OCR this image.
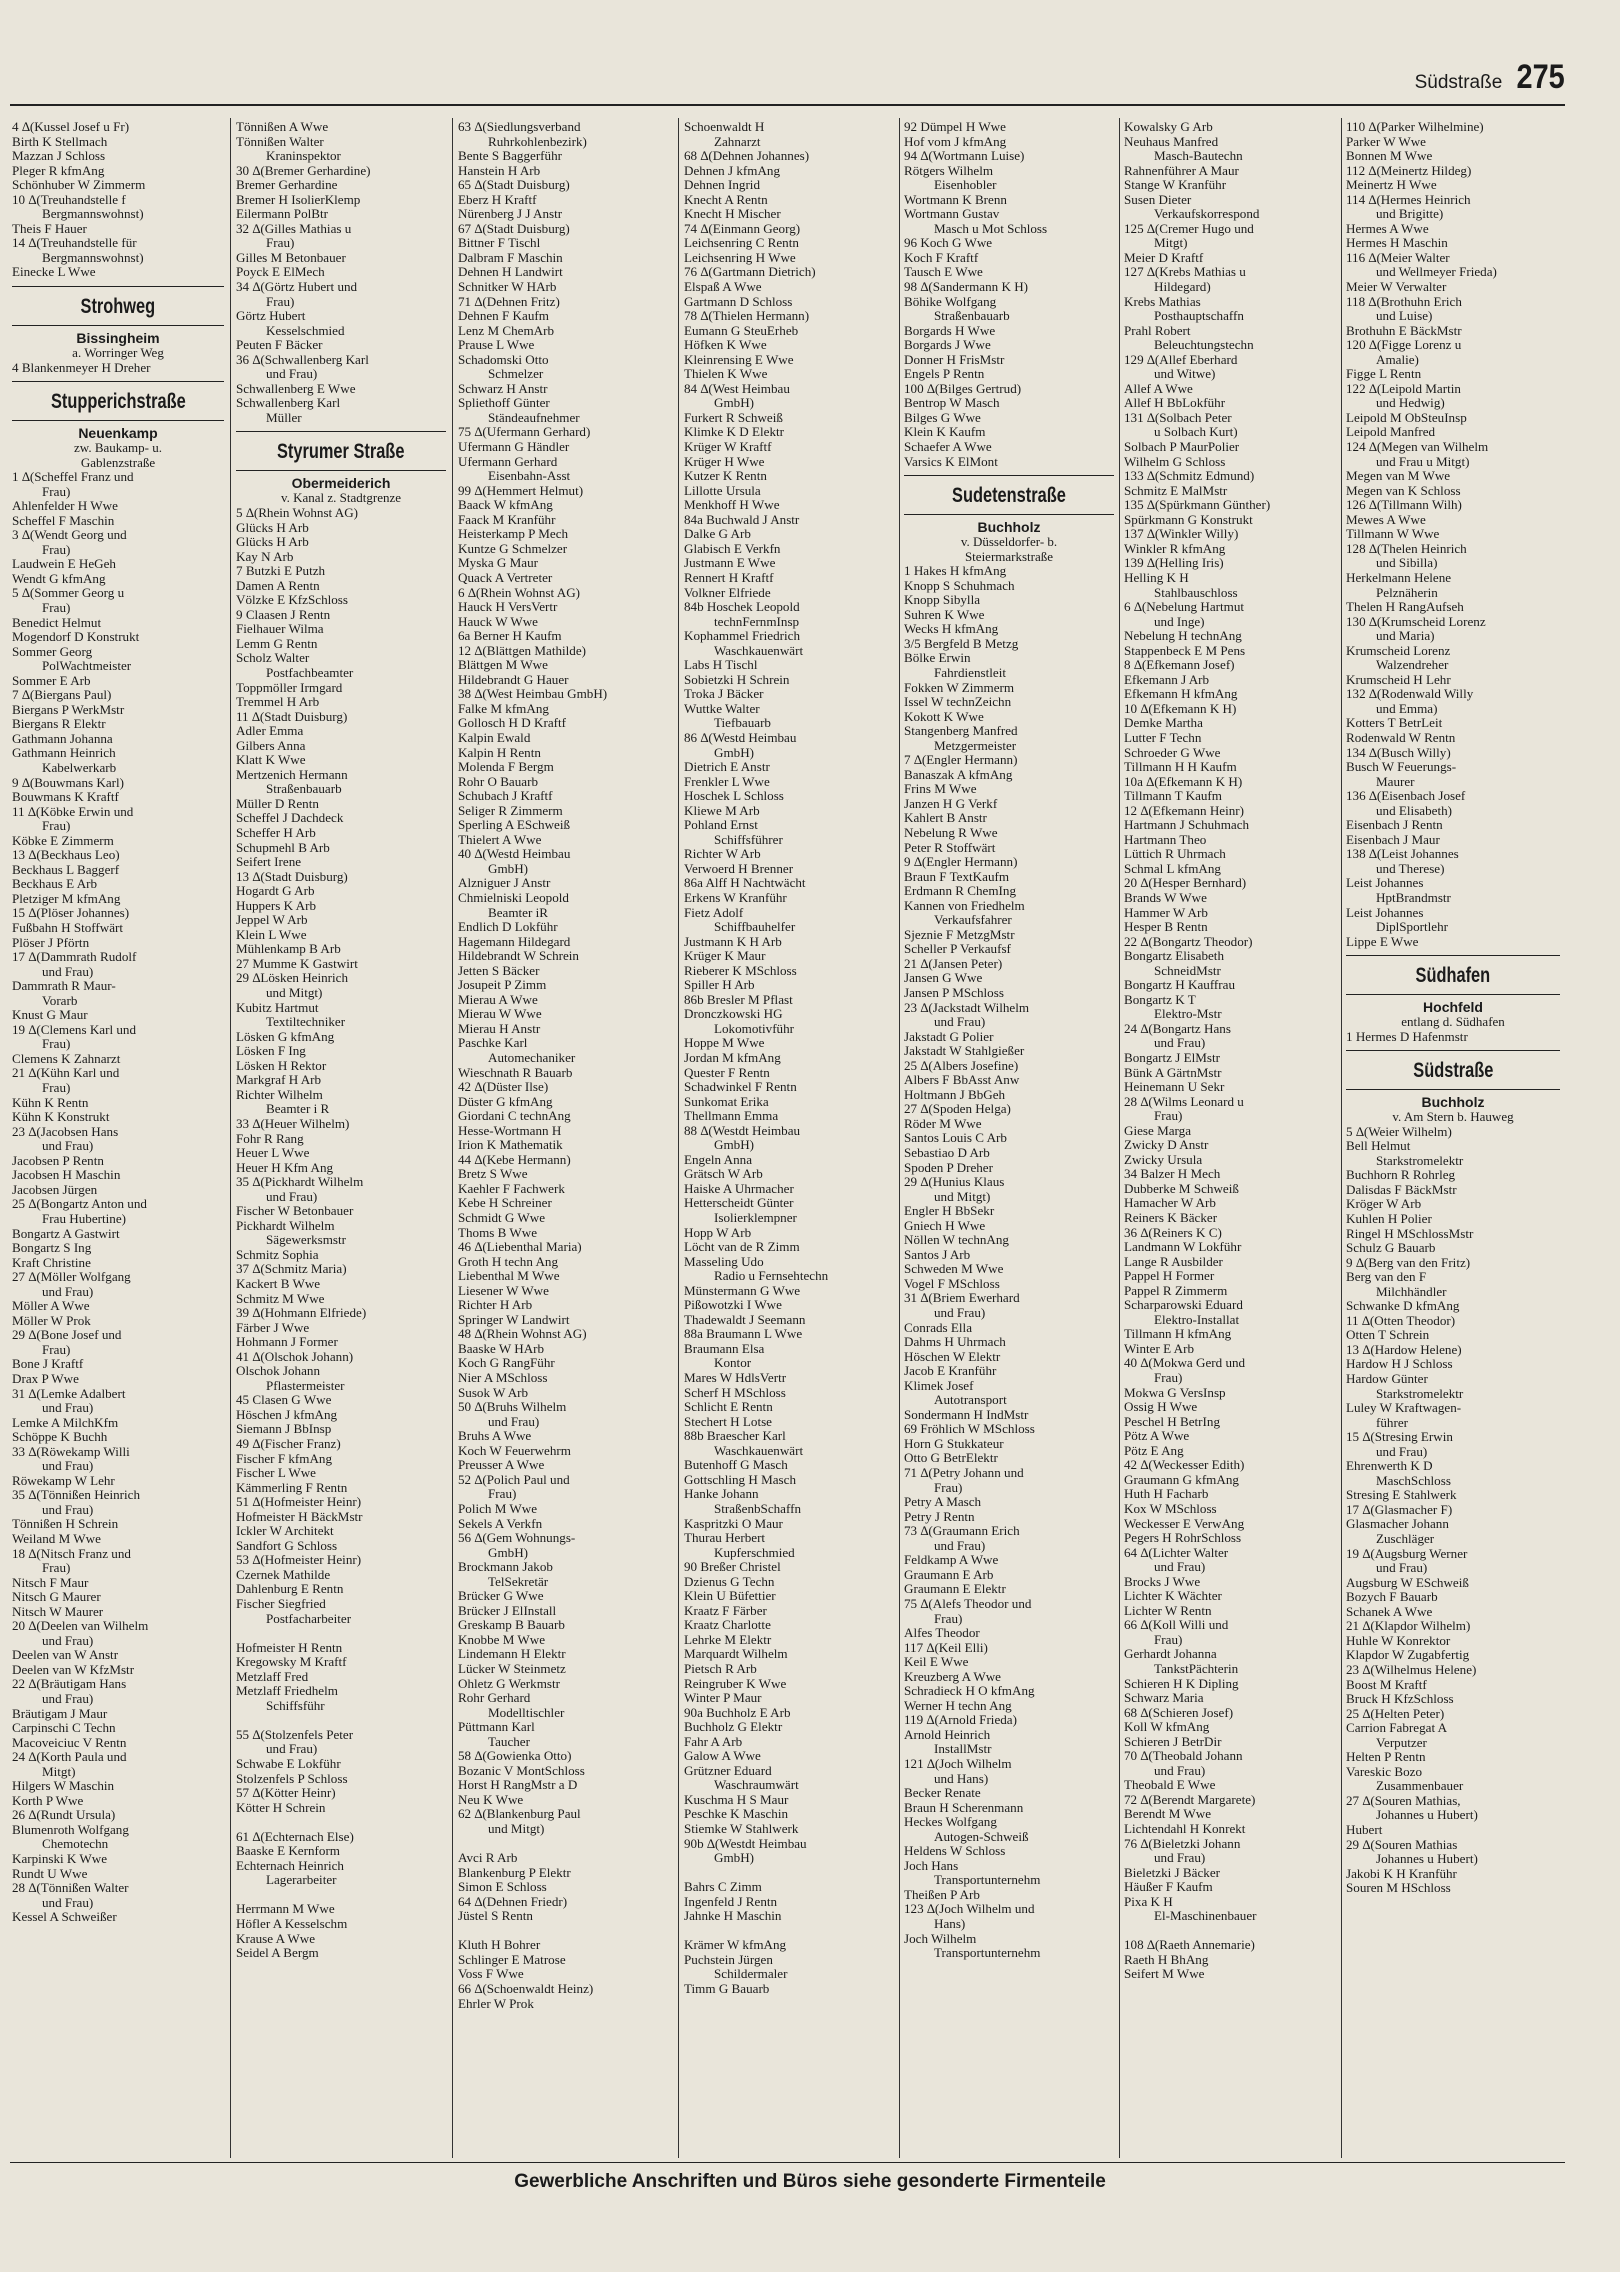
Südstraße 275
4 ∆(Kussel Josef u Fr)
Birth K Stellmach
Mazzan J Schloss
Pleger R kfmAng
Schönhuber W Zimmerm
10 ∆(Treuhandstelle f
Bergmannswohnst)
Theis F Hauer
14 ∆(Treuhandstelle für
Bergmannswohnst)
Einecke L Wwe
Strohweg
Bissingheim
a. Worringer Weg
4 Blankenmeyer H Dreher
Stupperichstraße
Neuenkamp
zw. Baukamp- u.
Gablenzstraße
1 ∆(Scheffel Franz und
Frau)
Ahlenfelder H Wwe
Scheffel F Maschin
3 ∆(Wendt Georg und
Frau)
Laudwein E HeGeh
Wendt G kfmAng
5 ∆(Sommer Georg u
Frau)
Benedict Helmut
Mogendorf D Konstrukt
Sommer Georg
PolWachtmeister
Sommer E Arb
7 ∆(Biergans Paul)
Biergans P WerkMstr
Biergans R Elektr
Gathmann Johanna
Gathmann Heinrich
Kabelwerkarb
9 ∆(Bouwmans Karl)
Bouwmans K Kraftf
11 ∆(Köbke Erwin und
Frau)
Köbke E Zimmerm
13 ∆(Beckhaus Leo)
Beckhaus L Baggerf
Beckhaus E Arb
Pletziger M kfmAng
15 ∆(Plöser Johannes)
Fußbahn H Stoffwärt
Plöser J Pförtn
17 ∆(Dammrath Rudolf
und Frau)
Dammrath R Maur-
Vorarb
Knust G Maur
19 ∆(Clemens Karl und
Frau)
Clemens K Zahnarzt
21 ∆(Kühn Karl und
Frau)
Kühn K Rentn
Kühn K Konstrukt
23 ∆(Jacobsen Hans
und Frau)
Jacobsen P Rentn
Jacobsen H Maschin
Jacobsen Jürgen
25 ∆(Bongartz Anton und
Frau Hubertine)
Bongartz A Gastwirt
Bongartz S Ing
Kraft Christine
27 ∆(Möller Wolfgang
und Frau)
Möller A Wwe
Möller W Prok
29 ∆(Bone Josef und
Frau)
Bone J Kraftf
Drax P Wwe
31 ∆(Lemke Adalbert
und Frau)
Lemke A MilchKfm
Schöppe K Buchh
33 ∆(Röwekamp Willi
und Frau)
Röwekamp W Lehr
35 ∆(Tönnißen Heinrich
und Frau)
Tönnißen H Schrein
Weiland M Wwe
18 ∆(Nitsch Franz und
Frau)
Nitsch F Maur
Nitsch G Maurer
Nitsch W Maurer
20 ∆(Deelen van Wilhelm
und Frau)
Deelen van W Anstr
Deelen van W KfzMstr
22 ∆(Bräutigam Hans
und Frau)
Bräutigam J Maur
Carpinschi C Techn
Macoveiciuc V Rentn
24 ∆(Korth Paula und
Mitgt)
Hilgers W Maschin
Korth P Wwe
26 ∆(Rundt Ursula)
Blumenroth Wolfgang
Chemotechn
Karpinski K Wwe
Rundt U Wwe
28 ∆(Tönnißen Walter
und Frau)
Kessel A Schweißer
Tönnißen A Wwe
Tönnißen Walter
Kraninspektor
30 ∆(Bremer Gerhardine)
Bremer Gerhardine
Bremer H IsolierKlemp
Eilermann PolBtr
32 ∆(Gilles Mathias u
Frau)
Gilles M Betonbauer
Poyck E ElMech
34 ∆(Görtz Hubert und
Frau)
Görtz Hubert
Kesselschmied
Peuten F Bäcker
36 ∆(Schwallenberg Karl
und Frau)
Schwallenberg E Wwe
Schwallenberg Karl
Müller
Styrumer Straße
Obermeiderich
v. Kanal z. Stadtgrenze
5 ∆(Rhein Wohnst AG)
Glücks H Arb
Glücks H Arb
Kay N Arb
7 Butzki E Putzh
Damen A Rentn
Völzke E KfzSchloss
9 Claasen J Rentn
Fielhauer Wilma
Lemm G Rentn
Scholz Walter
Postfachbeamter
Toppmöller Irmgard
Tremmel H Arb
11 ∆(Stadt Duisburg)
Adler Emma
Gilbers Anna
Klatt K Wwe
Mertzenich Hermann
Straßenbauarb
Müller D Rentn
Scheffel J Dachdeck
Scheffer H Arb
Schupmehl B Arb
Seifert Irene
13 ∆(Stadt Duisburg)
Hogardt G Arb
Huppers K Arb
Jeppel W Arb
Klein L Wwe
Mühlenkamp B Arb
27 Mumme K Gastwirt
29 ∆Lösken Heinrich
und Mitgt)
Kubitz Hartmut
Textiltechniker
Lösken G kfmAng
Lösken F Ing
Lösken H Rektor
Markgraf H Arb
Richter Wilhelm
Beamter i R
33 ∆(Heuer Wilhelm)
Fohr R Rang
Heuer L Wwe
Heuer H Kfm Ang
35 ∆(Pickhardt Wilhelm
und Frau)
Fischer W Betonbauer
Pickhardt Wilhelm
Sägewerksmstr
Schmitz Sophia
37 ∆(Schmitz Maria)
Kackert B Wwe
Schmitz M Wwe
39 ∆(Hohmann Elfriede)
Färber J Wwe
Hohmann J Former
41 ∆(Olschok Johann)
Olschok Johann
Pflastermeister
45 Clasen G Wwe
Höschen J kfmAng
Siemann J BbInsp
49 ∆(Fischer Franz)
Fischer F kfmAng
Fischer L Wwe
Kämmerling F Rentn
51 ∆(Hofmeister Heinr)
Hofmeister H BäckMstr
Ickler W Architekt
Sandfort G Schloss
53 ∆(Hofmeister Heinr)
Czernek Mathilde
Dahlenburg E Rentn
Fischer Siegfried
Postfacharbeiter
Hofmeister H Rentn
Kregowsky M Kraftf
Metzlaff Fred
Metzlaff Friedhelm
Schiffsführ
55 ∆(Stolzenfels Peter
und Frau)
Schwabe E Lokführ
Stolzenfels P Schloss
57 ∆(Kötter Heinr)
Kötter H Schrein
61 ∆(Echternach Else)
Baaske E Kernform
Echternach Heinrich
Lagerarbeiter
Herrmann M Wwe
Höfler A Kesselschm
Krause A Wwe
Seidel A Bergm
63 ∆(Siedlungsverband
Ruhrkohlenbezirk)
Bente S Baggerführ
Hanstein H Arb
65 ∆(Stadt Duisburg)
Eberz H Kraftf
Nürenberg J J Anstr
67 ∆(Stadt Duisburg)
Bittner F Tischl
Dalbram F Maschin
Dehnen H Landwirt
Schnitker W HArb
71 ∆(Dehnen Fritz)
Dehnen F Kaufm
Lenz M ChemArb
Prause L Wwe
Schadomski Otto
Schmelzer
Schwarz H Anstr
Spliethoff Günter
Ständeaufnehmer
75 ∆(Ufermann Gerhard)
Ufermann G Händler
Ufermann Gerhard
Eisenbahn-Asst
99 ∆(Hemmert Helmut)
Baack W kfmAng
Faack M Kranführ
Heisterkamp P Mech
Kuntze G Schmelzer
Myska G Maur
Quack A Vertreter
6 ∆(Rhein Wohnst AG)
Hauck H VersVertr
Hauck W Wwe
6a Berner H Kaufm
12 ∆(Blättgen Mathilde)
Blättgen M Wwe
Hildebrandt G Hauer
38 ∆(West Heimbau GmbH)
Falke M kfmAng
Gollosch H D Kraftf
Kalpin Ewald
Kalpin H Rentn
Molenda F Bergm
Rohr O Bauarb
Schubach J Kraftf
Seliger R Zimmerm
Sperling A ESchweiß
Thielert A Wwe
40 ∆(Westd Heimbau
GmbH)
Alzniguer J Anstr
Chmielniski Leopold
Beamter iR
Endlich D Lokführ
Hagemann Hildegard
Hildebrandt W Schrein
Jetten S Bäcker
Josupeit P Zimm
Mierau A Wwe
Mierau W Wwe
Mierau H Anstr
Paschke Karl
Automechaniker
Wieschnath R Bauarb
42 ∆(Düster Ilse)
Düster G kfmAng
Giordani C technAng
Hesse-Wortmann H
Irion K Mathematik
44 ∆(Kebe Hermann)
Bretz S Wwe
Kaehler F Fachwerk
Kebe H Schreiner
Schmidt G Wwe
Thoms B Wwe
46 ∆(Liebenthal Maria)
Groth H techn Ang
Liebenthal M Wwe
Liesener W Wwe
Richter H Arb
Springer W Landwirt
48 ∆(Rhein Wohnst AG)
Baaske W HArb
Koch G RangFühr
Nier A MSchloss
Susok W Arb
50 ∆(Bruhs Wilhelm
und Frau)
Bruhs A Wwe
Koch W Feuerwehrm
Preusser A Wwe
52 ∆(Polich Paul und
Frau)
Polich M Wwe
Sekels A Verkfn
56 ∆(Gem Wohnungs-
GmbH)
Brockmann Jakob
TelSekretär
Brücker G Wwe
Brücker J ElInstall
Greskamp B Bauarb
Knobbe M Wwe
Lindemann H Elektr
Lücker W Steinmetz
Ohletz G Werkmstr
Rohr Gerhard
Modelltischler
Püttmann Karl
Taucher
58 ∆(Gowienka Otto)
Bozanic V MontSchloss
Horst H RangMstr a D
Neu K Wwe
62 ∆(Blankenburg Paul
und Mitgt)
Avci R Arb
Blankenburg P Elektr
Simon E Schloss
64 ∆(Dehnen Friedr)
Jüstel S Rentn
Kluth H Bohrer
Schlinger E Matrose
Voss F Wwe
66 ∆(Schoenwaldt Heinz)
Ehrler W Prok
Schoenwaldt H
Zahnarzt
68 ∆(Dehnen Johannes)
Dehnen J kfmAng
Dehnen Ingrid
Knecht A Rentn
Knecht H Mischer
74 ∆(Einmann Georg)
Leichsenring C Rentn
Leichsenring H Wwe
76 ∆(Gartmann Dietrich)
Elspaß A Wwe
Gartmann D Schloss
78 ∆(Thielen Hermann)
Eumann G SteuErheb
Höfken K Wwe
Kleinrensing E Wwe
Thielen K Wwe
84 ∆(West Heimbau
GmbH)
Furkert R Schweiß
Klimke K D Elektr
Krüger W Kraftf
Krüger H Wwe
Kutzer K Rentn
Lillotte Ursula
Menkhoff H Wwe
84a Buchwald J Anstr
Dalke G Arb
Glabisch E Verkfn
Justmann E Wwe
Rennert H Kraftf
Volkner Elfriede
84b Hoschek Leopold
technFernmInsp
Kophammel Friedrich
Waschkauenwärt
Labs H Tischl
Sobietzki H Schrein
Troka J Bäcker
Wuttke Walter
Tiefbauarb
86 ∆(Westd Heimbau
GmbH)
Dietrich E Anstr
Frenkler L Wwe
Hoschek L Schloss
Kliewe M Arb
Pohland Ernst
Schiffsführer
Richter W Arb
Verwoerd H Brenner
86a Alff H Nachtwächt
Erkens W Kranführ
Fietz Adolf
Schiffbauhelfer
Justmann K H Arb
Krüger K Maur
Rieberer K MSchloss
Spiller H Arb
86b Bresler M Pflast
Dronczkowski HG
Lokomotivführ
Hoppe M Wwe
Jordan M kfmAng
Quester F Rentn
Schadwinkel F Rentn
Sunkomat Erika
Thellmann Emma
88 ∆(Westdt Heimbau
GmbH)
Engeln Anna
Grätsch W Arb
Haiske A Uhrmacher
Hetterscheidt Günter
Isolierklempner
Hopp W Arb
Löcht van de R Zimm
Masseling Udo
Radio u Fernsehtechn
Münstermann G Wwe
Pißowotzki I Wwe
Thadewaldt J Seemann
88a Braumann L Wwe
Braumann Elsa
Kontor
Mares W HdlsVertr
Scherf H MSchloss
Schlicht E Rentn
Stechert H Lotse
88b Braescher Karl
Waschkauenwärt
Butenhoff G Masch
Gottschling H Masch
Hanke Johann
StraßenbSchaffn
Kaspritzki O Maur
Thurau Herbert
Kupferschmied
90 Breßer Christel
Dzienus G Techn
Klein U Büfettier
Kraatz F Färber
Kraatz Charlotte
Lehrke M Elektr
Marquardt Wilhelm
Pietsch R Arb
Reingruber K Wwe
Winter P Maur
90a Buchholz E Arb
Buchholz G Elektr
Fahr A Arb
Galow A Wwe
Grützner Eduard
Waschraumwärt
Kuschma H S Maur
Peschke K Maschin
Stiemke W Stahlwerk
90b ∆(Westdt Heimbau
GmbH)
Bahrs C Zimm
Ingenfeld J Rentn
Jahnke H Maschin
Krämer W kfmAng
Puchstein Jürgen
Schildermaler
Timm G Bauarb
92 Dümpel H Wwe
Hof vom J kfmAng
94 ∆(Wortmann Luise)
Rötgers Wilhelm
Eisenhobler
Wortmann K Brenn
Wortmann Gustav
Masch u Mot Schloss
96 Koch G Wwe
Koch F Kraftf
Tausch E Wwe
98 ∆(Sandermann K H)
Böhike Wolfgang
Straßenbauarb
Borgards H Wwe
Borgards J Wwe
Donner H FrisMstr
Engels P Rentn
100 ∆(Bilges Gertrud)
Bentrop W Masch
Bilges G Wwe
Klein K Kaufm
Schaefer A Wwe
Varsics K ElMont
Sudetenstraße
Buchholz
v. Düsseldorfer- b.
Steiermarkstraße
1 Hakes H kfmAng
Knopp S Schuhmach
Knopp Sibylla
Suhren K Wwe
Wecks H kfmAng
3/5 Bergfeld B Metzg
Bölke Erwin
Fahrdienstleit
Fokken W Zimmerm
Issel W technZeichn
Kokott K Wwe
Stangenberg Manfred
Metzgermeister
7 ∆(Engler Hermann)
Banaszak A kfmAng
Frins M Wwe
Janzen H G Verkf
Kahlert B Anstr
Nebelung R Wwe
Peter R Stoffwärt
9 ∆(Engler Hermann)
Braun F TextKaufm
Erdmann R ChemIng
Kannen von Friedhelm
Verkaufsfahrer
Sjeznie F MetzgMstr
Scheller P Verkaufsf
21 ∆(Jansen Peter)
Jansen G Wwe
Jansen P MSchloss
23 ∆(Jackstadt Wilhelm
und Frau)
Jakstadt G Polier
Jakstadt W Stahlgießer
25 ∆(Albers Josefine)
Albers F BbAsst Anw
Holtmann J BbGeh
27 ∆(Spoden Helga)
Röder M Wwe
Santos Louis C Arb
Sebastiao D Arb
Spoden P Dreher
29 ∆(Hunius Klaus
und Mitgt)
Engler H BbSekr
Gniech H Wwe
Nöllen W technAng
Santos J Arb
Schweden M Wwe
Vogel F MSchloss
31 ∆(Briem Ewerhard
und Frau)
Conrads Ella
Dahms H Uhrmach
Höschen W Elektr
Jacob E Kranführ
Klimek Josef
Autotransport
Sondermann H IndMstr
69 Fröhlich W MSchloss
Horn G Stukkateur
Otto G BetrElektr
71 ∆(Petry Johann und
Frau)
Petry A Masch
Petry J Rentn
73 ∆(Graumann Erich
und Frau)
Feldkamp A Wwe
Graumann E Arb
Graumann E Elektr
75 ∆(Alefs Theodor und
Frau)
Alfes Theodor
117 ∆(Keil Elli)
Keil E Wwe
Kreuzberg A Wwe
Schradieck H O kfmAng
Werner H techn Ang
119 ∆(Arnold Frieda)
Arnold Heinrich
InstallMstr
121 ∆(Joch Wilhelm
und Hans)
Becker Renate
Braun H Scherenmann
Heckes Wolfgang
Autogen-Schweiß
Heldens W Schloss
Joch Hans
Transportunternehm
Theißen P Arb
123 ∆(Joch Wilhelm und
Hans)
Joch Wilhelm
Transportunternehm
Kowalsky G Arb
Neuhaus Manfred
Masch-Bautechn
Rahnenführer A Maur
Stange W Kranführ
Susen Dieter
Verkaufskorrespond
125 ∆(Cremer Hugo und
Mitgt)
Meier D Kraftf
127 ∆(Krebs Mathias u
Hildegard)
Krebs Mathias
Posthauptschaffn
Prahl Robert
Beleuchtungstechn
129 ∆(Allef Eberhard
und Witwe)
Allef A Wwe
Allef H BbLokführ
131 ∆(Solbach Peter
u Solbach Kurt)
Solbach P MaurPolier
Wilhelm G Schloss
133 ∆(Schmitz Edmund)
Schmitz E MalMstr
135 ∆(Spürkmann Günther)
Spürkmann G Konstrukt
137 ∆(Winkler Willy)
Winkler R kfmAng
139 ∆(Helling Iris)
Helling K H
Stahlbauschloss
6 ∆(Nebelung Hartmut
und Inge)
Nebelung H technAng
Stappenbeck E M Pens
8 ∆(Efkemann Josef)
Efkemann J Arb
Efkemann H kfmAng
10 ∆(Efkemann K H)
Demke Martha
Lutter F Techn
Schroeder G Wwe
Tillmann H H Kaufm
10a ∆(Efkemann K H)
Tillmann T Kaufm
12 ∆(Efkemann Heinr)
Hartmann J Schuhmach
Hartmann Theo
Lüttich R Uhrmach
Schmal L kfmAng
20 ∆(Hesper Bernhard)
Brands W Wwe
Hammer W Arb
Hesper B Rentn
22 ∆(Bongartz Theodor)
Bongartz Elisabeth
SchneidMstr
Bongartz H Kauffrau
Bongartz K T
Elektro-Mstr
24 ∆(Bongartz Hans
und Frau)
Bongartz J ElMstr
Bünk A GärtnMstr
Heinemann U Sekr
28 ∆(Wilms Leonard u
Frau)
Giese Marga
Zwicky D Anstr
Zwicky Ursula
34 Balzer H Mech
Dubberke M Schweiß
Hamacher W Arb
Reiners K Bäcker
36 ∆(Reiners K C)
Landmann W Lokführ
Lange R Ausbilder
Pappel H Former
Pappel R Zimmerm
Scharparowski Eduard
Elektro-Installat
Tillmann H kfmAng
Winter E Arb
40 ∆(Mokwa Gerd und
Frau)
Mokwa G VersInsp
Ossig H Wwe
Peschel H BetrIng
Pötz A Wwe
Pötz E Ang
42 ∆(Weckesser Edith)
Graumann G kfmAng
Huth H Facharb
Kox W MSchloss
Weckesser E VerwAng
Pegers H RohrSchloss
64 ∆(Lichter Walter
und Frau)
Brocks J Wwe
Lichter K Wächter
Lichter W Rentn
66 ∆(Koll Willi und
Frau)
Gerhardt Johanna
TankstPächterin
Schieren H K Dipling
Schwarz Maria
68 ∆(Schieren Josef)
Koll W kfmAng
Schieren J BetrDir
70 ∆(Theobald Johann
und Frau)
Theobald E Wwe
72 ∆(Berendt Margarete)
Berendt M Wwe
Lichtendahl H Konrekt
76 ∆(Bieletzki Johann
und Frau)
Bieletzki J Bäcker
Häußer F Kaufm
Pixa K H
El-Maschinenbauer
108 ∆(Raeth Annemarie)
Raeth H BhAng
Seifert M Wwe
110 ∆(Parker Wilhelmine)
Parker W Wwe
Bonnen M Wwe
112 ∆(Meinertz Hildeg)
Meinertz H Wwe
114 ∆(Hermes Heinrich
und Brigitte)
Hermes A Wwe
Hermes H Maschin
116 ∆(Meier Walter
und Wellmeyer Frieda)
Meier W Verwalter
118 ∆(Brothuhn Erich
und Luise)
Brothuhn E BäckMstr
120 ∆(Figge Lorenz u
Amalie)
Figge L Rentn
122 ∆(Leipold Martin
und Hedwig)
Leipold M ObSteuInsp
Leipold Manfred
124 ∆(Megen van Wilhelm
und Frau u Mitgt)
Megen van M Wwe
Megen van K Schloss
126 ∆(Tillmann Wilh)
Mewes A Wwe
Tillmann W Wwe
128 ∆(Thelen Heinrich
und Sibilla)
Herkelmann Helene
Pelznäherin
Thelen H RangAufseh
130 ∆(Krumscheid Lorenz
und Maria)
Krumscheid Lorenz
Walzendreher
Krumscheid H Lehr
132 ∆(Rodenwald Willy
und Emma)
Kotters T BetrLeit
Rodenwald W Rentn
134 ∆(Busch Willy)
Busch W Feuerungs-
Maurer
136 ∆(Eisenbach Josef
und Elisabeth)
Eisenbach J Rentn
Eisenbach J Maur
138 ∆(Leist Johannes
und Therese)
Leist Johannes
HptBrandmstr
Leist Johannes
DiplSportlehr
Lippe E Wwe
Südhafen
Hochfeld
entlang d. Südhafen
1 Hermes D Hafenmstr
Südstraße
Buchholz
v. Am Stern b. Hauweg
5 ∆(Weier Wilhelm)
Bell Helmut
Starkstromelektr
Buchhorn R Rohrleg
Dalisdas F BäckMstr
Kröger W Arb
Kuhlen H Polier
Ringel H MSchlossMstr
Schulz G Bauarb
9 ∆(Berg van den Fritz)
Berg van den F
Milchhändler
Schwanke D kfmAng
11 ∆(Otten Theodor)
Otten T Schrein
13 ∆(Hardow Helene)
Hardow H J Schloss
Hardow Günter
Starkstromelektr
Luley W Kraftwagen-
führer
15 ∆(Stresing Erwin
und Frau)
Ehrenwerth K D
MaschSchloss
Stresing E Stahlwerk
17 ∆(Glasmacher F)
Glasmacher Johann
Zuschläger
19 ∆(Augsburg Werner
und Frau)
Augsburg W ESchweiß
Bozych F Bauarb
Schanek A Wwe
21 ∆(Klapdor Wilhelm)
Huhle W Konrektor
Klapdor W Zugabfertig
23 ∆(Wilhelmus Helene)
Boost M Kraftf
Bruck H KfzSchloss
25 ∆(Helten Peter)
Carrion Fabregat A
Verputzer
Helten P Rentn
Vareskic Bozo
Zusammenbauer
27 ∆(Souren Mathias,
Johannes u Hubert)
Hubert
29 ∆(Souren Mathias
Johannes u Hubert)
Jakobi K H Kranführ
Souren M HSchloss
Gewerbliche Anschriften und Büros siehe gesonderte Firmenteile
